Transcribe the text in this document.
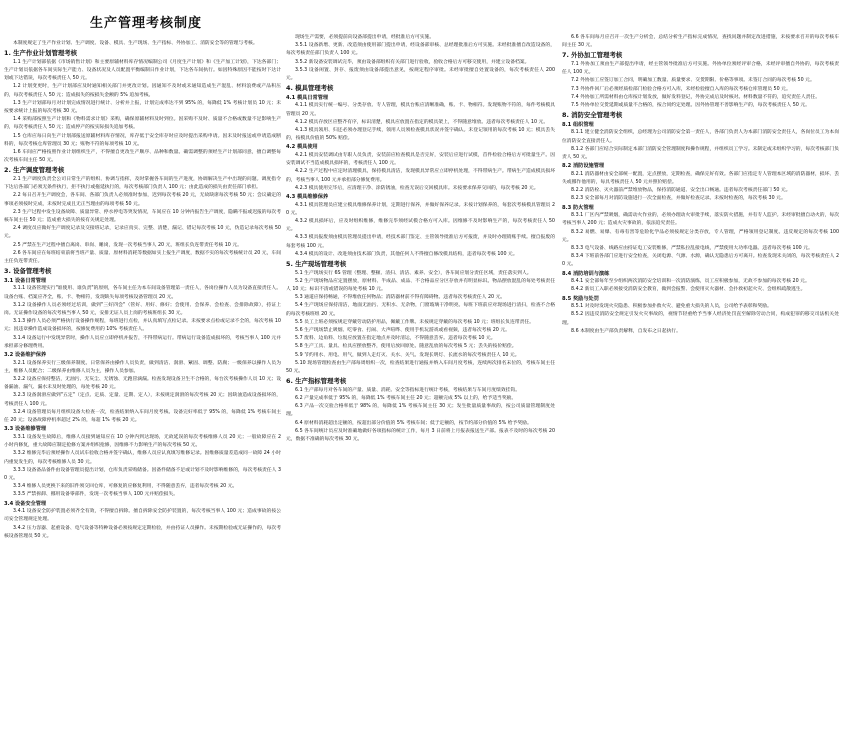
生产管理考核制度
本制度规定了生产作业计划、生产调度、设备、模具、生产现场、生产指标、外协加工、消防安全等的管理与考核。
1. 生产作业计划管理考核
1.1 生产计划部依据《市场销售计划》和主要原辅材料库存情况编制公司《月度生产计划》和《生产加工计划》，下达各部门；生产计划员依据各车间实际生产能力、设备状况及人员配置平衡编制日作业计划，下达各车间执行。如因特殊原因不能按时下达计划或下达错误，每次考核责任人 50 元。
1.2 计划变更时，生产计划部应及时通知相关部门并更改计划。因通知不及时或未通知造成生产混乱、材料浪费或产品积压的，每次考核责任人 50 元；造成损失的按损失金额的 5% 追加考核。
1.3 生产计划部每月对计划完成情况进行统计、分析并上报，计划完成率达不到 95% 的，每降低 1% 考核计划员 10 元；未按要求统计上报的每次考核 30 元。
1.4 采购部按照生产计划和《物料需求计划》采购，确保原辅材料及时到位。因采购不及时、质量不合格或数量不足影响生产的，每次考核责任人 50 元；造成停产的按实际损失追加考核。
1.5 仓库应每日向生产计划部报送原辅材料库存情况，库存低于安全库存时应及时提出采购申请。因未及时报送或申请造成断料的，每次考核仓库管理员 30 元；账物不符的每项考核 10 元。
1.6 车间应严格按照作业计划组织生产，不得擅自更改生产顺序、品种和数量。确需调整的须经生产计划部同意，擅自调整每次考核车间主任 50 元。
2. 生产调度管理考核
2.1 生产调度负责全公司日常生产的组织、协调与指挥，及时掌握各车间的生产进度，协调解决生产中出现的问题。调度指令下达后各部门必须无条件执行，拒不执行或拖延执行的，每次考核部门负责人 100 元；由此造成的损失由责任部门承担。
2.2 每日召开生产调度会，各车间、各部门负责人必须准时参加，迟到每次考核 20 元，无故缺席每次考核 50 元；会议确定的事项必须按时完成，未按时完成且无正当理由的每项考核 50 元。
2.3 生产过程中发生设备故障、质量异常、停水停电等突发情况，车间应在 10 分钟内报告生产调度，隐瞒不报或迟报的每次考核车间主任 50 元；造成重大损失的按有关规定处理。
2.4 调度员应做好生产调度记录及交接班记录，记录应真实、完整、清楚，漏记、错记每次考核 10 元，伪造记录每次考核 50 元。
2.5 严禁在生产过程中擅自离岗、串岗、睡岗，发现一次考核当事人 20 元，班组长负连带责任考核 10 元。
2.6 各车间应在每班结束前将当班产量、质量、原材料消耗等数据如实上报生产调度，数据不实的每次考核统计员 20 元，车间主任负连带责任。
3. 设备管理考核
3.1 设备日常管理
3.1.1 设备管理实行"谁使用、谁负责"的原则，各车间主任为本车间设备管理第一责任人，各岗位操作人员为设备直接责任人。设备台账、档案应齐全，账、卡、物相符，发现缺失每项考核设备管理员 20 元。
3.1.2 设备操作人员必须经过培训，做到"三好四会"（管好、用好、修好；会使用、会保养、会检查、会排除故障），持证上岗。无证操作设备的每次考核当事人 50 元，安排无证人员上岗的考核班组长 30 元。
3.1.3 操作人员必须严格执行设备操作规程，每班进行点检，并认真填写点检记录。未按要求点检或记录不全的，每次考核 10 元；因违章操作造成设备损坏的，按修复费用的 10% 考核责任人。
3.1.4 设备运行中发现异常时，操作人员应立即停机并报告，不得带病运行。带病运行设备造成损坏的，考核当事人 100 元并承担部分修理费用。
3.2 设备维护保养
3.2.1 设备保养实行三级保养制度。日常保养由操作人员负责，做到清洁、润滑、紧固、调整、防腐；一级保养以操作人员为主，维修人员配合；二级保养由维修人员为主，操作人员参加。
3.2.2 设备应保持整洁，无油污、无灰尘、无锈蚀、无跑冒滴漏。检查发现设备卫生不合格的，每台次考核操作人员 10 元；设备漏油、漏气、漏水未及时处理的，每处考核 20 元。
3.2.3 设备润滑应做到"五定"（定点、定质、定量、定期、定人），未按规定润滑的每次考核 20 元；因缺油造成设备损坏的，考核责任人 100 元。
3.2.4 设备管理员每月组织设备大检查一次，检查结果纳入车间月度考核。设备完好率低于 95% 的，每降低 1% 考核车间主任 20 元；设备故障停机率超过 2% 的，每超 1% 考核 20 元。
3.3 设备维修管理
3.3.1 设备发生故障后，维修人员接到通知应在 10 分钟内到达现场，无故延误的每次考核维修人员 20 元；一般故障应在 2 小时内修复，重大故障应制定抢修方案并组织抢修，因维修不力影响生产的每次考核 50 元。
3.3.2 维修完毕后须经操作人员试车验收合格并签字确认，维修人员应认真填写维修记录。因维修质量差造成同一故障 24 小时内重复发生的，每次考核维修人员 30 元。
3.3.3 设备备品备件由设备管理员提出计划，仓库负责采购储备。因备件储备不足或计划不及时影响维修的，每次考核责任人 30 元。
3.3.4 维修人员更换下来的旧件须交回仓库，可修复的应修复利用，不得随意丢弃，违者每次考核 20 元。
3.3.5 严禁拆卸、挪用设备零部件，发现一次考核当事人 100 元并赔偿损失。
3.4 设备安全管理
3.4.1 设备安全防护装置必须齐全有效，不得擅自拆除。擅自拆除安全防护装置的，每次考核当事人 100 元；造成事故的按公司安全管理规定处理。
3.4.2 压力容器、起重设备、电气设备等特种设备必须按规定定期检验，并由持证人员操作。未按期检验或无证操作的，每次考核设备管理员 50 元。
现场生产需要，必须提前向设备部提出申请，经批准后方可实施。
3.5.1 设备新增、更新、改造须由使用部门提出申请，经设备部审核、总经理批准后方可实施。未经批准擅自改造设备的，每次考核责任部门负责人 100 元。
3.5.2 新设备安装调试完毕，须由设备部组织有关部门进行验收，验收合格后方可移交使用，并建立设备档案。
3.5.3 设备闲置、封存、报废须由设备部提出意见，按规定程序审批。未经审批擅自处置设备的，每次考核责任人 200 元。
4. 模具管理考核
4.1 模具日常管理
4.1.1 模具实行统一编号、分类存放、专人管理，模具台账应清晰准确，账、卡、物相符。发现账物不符的，每件考核模具管理员 20 元。
4.1.2 模具存放区应整齐有序，标识清楚，模具应放置在指定的模具架上，不得随意堆放。违者每次考核责任人 10 元。
4.1.3 模具领用、归还必须办理登记手续，领用人员须检查模具状况并签字确认。未登记领用的每次考核 10 元；模具丢失的，按模具价值的 50% 赔偿。
4.2 模具使用
4.2.1 模具安装调试由专职人员负责，安装前应检查模具是否完好，安装后应进行试模，首件检验合格后方可批量生产。因安装调试不当造成模具损坏的，考核责任人 100 元。
4.2.2 生产过程中应定时清理模具，保持模具清洁，发现模具异常应立即停机处理，不得带病生产。带病生产造成模具损坏的，考核当事人 100 元并承担部分修复费用。
4.2.3 模具使用完毕后，应清理干净、涂防锈油，检查无误后交回模具库。未按要求保养交回的，每次考核 20 元。
4.3 模具维修保养
4.3.1 模具管理员应建立模具维修保养计划，定期进行保养，并做好保养记录。未按计划保养的，每套次考核模具管理员 20 元。
4.3.2 模具损坏后，应及时组织维修，维修完毕须经试模合格方可入库。因维修不及时影响生产的，每次考核责任人 50 元。
4.3.3 模具报废须由模具管理员提出申请，经技术部门鉴定、主管领导批准后方可报废，并及时办理销账手续。擅自报废的每套考核 100 元。
4.3.4 模具的设计、改进须由技术部门负责，其他任何人不得擅自修改模具结构，违者每次考核 100 元。
5. 生产现场管理考核
5.1 生产现场实行 6S 管理（整理、整顿、清扫、清洁、素养、安全），各车间应划分责任区域，责任落实到人。
5.2 生产现场物品应定置摆放，原材料、半成品、成品、不合格品应分区存放并有明显标识。物品摆放混乱的每处考核责任人 10 元；标识不清或错误的每处考核 10 元。
5.3 通道应保持畅通，不得堆放任何物品；消防器材前不得有障碍物。违者每次考核责任人 20 元。
5.4 生产现场应保持清洁，地面无油污、无积水、无杂物，门窗玻璃干净明亮。每班下班前应对现场进行清扫，检查不合格的每次考核班组 20 元。
5.5 员工上班必须按规定穿戴劳动防护用品，佩戴工作牌。未按规定穿戴的每次考核 10 元；班组长负连带责任。
5.6 生产现场禁止吸烟、吃零食、打闹、大声喧哗、使用手机玩游戏或看视频，违者每次考核 20 元。
5.7 废料、边角料、垃圾应放置在指定地点并及时清运，不得随意丢弃。违者每次考核 10 元。
5.8 生产工具、量具、检具应摆放整齐，使用后放回原处。随意乱放的每次考核 5 元；丢失的按价赔偿。
5.9 节约用水、用电、用气，做到人走灯灭、关水、关气。发现长明灯、长流水的每次考核责任人 10 元。
5.10 现场管理检查由生产部每周组织一次，检查结果进行通报并纳入车间月度考核，连续两次排名末位的，考核车间主任 50 元。
6. 生产指标管理考核
6.1 生产部每月对各车间的产量、质量、消耗、安全等指标进行统计考核，考核结果与车间月度绩效挂钩。
6.2 产量完成率低于 95% 的，每降低 1% 考核车间主任 20 元；超额完成 5% 以上的，给予适当奖励。
6.3 产品一次交验合格率低于 98% 的，每降低 1% 考核车间主任 30 元；发生批量质量事故的，按公司质量管理制度处理。
6.4 原材料消耗超出定额的，按超出部分价值的 5% 考核车间；低于定额的，按节约部分价值的 5% 给予奖励。
6.5 各车间统计员应及时准确地做好各项指标的统计工作，每月 3 日前将上月报表报送生产部。报表不及时的每次考核 20 元，数据不准确的每次考核 30 元。
6.6 各车间每月应召开一次生产分析会，总结分析生产指标完成情况，查找问题并制定改进措施，未按要求召开的每次考核车间主任 30 元。
7. 外协加工管理考核
7.1 外协加工须由生产部提出申请，经主管领导批准后方可实施。外协单位须经评审合格，未经评审擅自外协的，每次考核责任人 100 元。
7.2 外协加工应签订加工合同，明确加工数量、质量要求、交货期限、价格等事项。未签订合同的每次考核 50 元。
7.3 外协件回厂后必须经质检部门检验合格方可入库，未经检验擅自入库的每次考核仓库管理员 50 元。
7.4 外协加工所需材料由仓库按计划发放，做好发料登记，外协完成后及时核对。材料数量不符的，追究责任人责任。
7.5 外协单位交货延期或质量不合格的，按合同约定处理。因外协管理不善影响生产的，每次考核责任人 50 元。
8. 消防安全管理考核
8.1 组织管理
8.1.1 建立健全消防安全组织，总经理为公司消防安全第一责任人，各部门负责人为本部门消防安全责任人，各岗位员工为本岗位消防安全直接责任人。
8.1.2 各部门应结合实际制定本部门消防安全管理制度和操作规程，并组织员工学习。未制定或未组织学习的，每次考核部门负责人 50 元。
8.2 消防设施管理
8.2.1 消防器材由安全部统一配置，定点摆放，定期检查，确保完好有效。各部门应指定专人管理本区域的消防器材，损坏、丢失或挪作他用的，每具考核责任人 50 元并照价赔偿。
8.2.2 消防栓、灭火器前严禁堆放物品，保持消防通道、安全出口畅通。违者每次考核责任部门 50 元。
8.2.3 安全部每月对消防设施进行一次全面检查，并做好检查记录。未按时检查的，每次考核 30 元。
8.3 防火管理
8.3.1 厂区内严禁吸烟，确需动火作业的，必须办理动火审批手续，落实防火措施，并有专人监护。未经审批擅自动火的，每次考核当事人 200 元；造成火灾事故的，依法追究责任。
8.3.2 易燃、易爆、有毒有害等危险化学品必须按规定分类存放，专人管理，严格领用登记制度。违反规定的每次考核 100 元。
8.3.3 电气设备、线路应由持证电工安装维修，严禁私拉乱接电线，严禁使用大功率电器。违者每次考核 100 元。
8.3.4 下班前各部门应进行安全检查，关闭电源、气源、水源，确认无隐患后方可离开。检查发现未关闭的，每次考核责任人 20 元。
8.4 消防培训与演练
8.4.1 安全部每年至少组织两次消防安全培训和一次消防演练，员工应积极参加，无故不参加的每次考核 20 元。
8.4.2 新员工入职必须接受消防安全教育，做到会报警、会使用灭火器材、会扑救初起火灾、会组织疏散逃生。
8.5 奖励与处罚
8.5.1 对及时发现火灾隐患、积极参加扑救火灾、避免重大损失的人员，公司给予表彰和奖励。
8.5.2 因违反消防安全规定引发火灾事故的，视情节轻重给予当事人经济处罚直至解除劳动合同，构成犯罪的移交司法机关处理。
8.6 本制度由生产部负责解释，自发布之日起执行。
